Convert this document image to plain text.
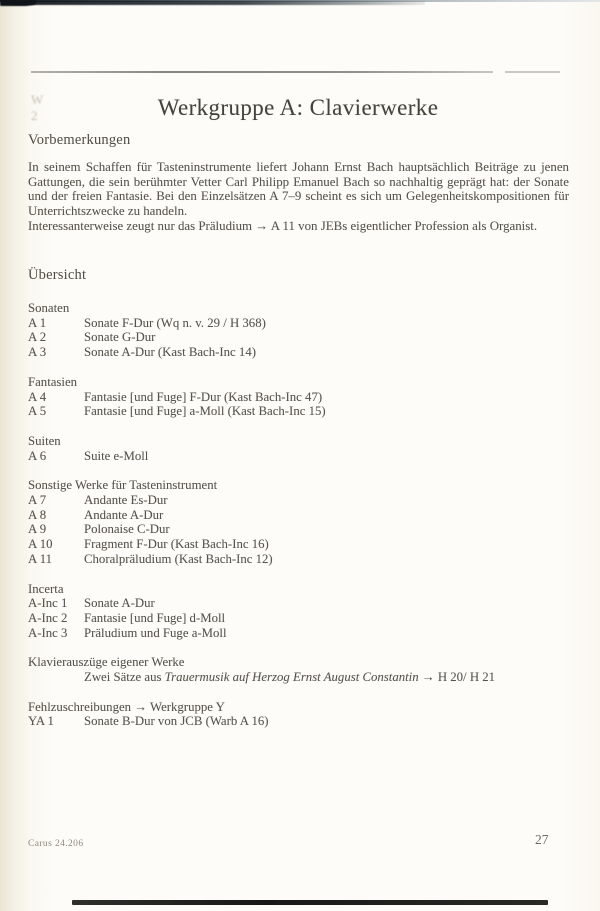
W
2	Werkgruppe A: Clavierwerke
Vorbemerkungen
In seinem Schaffen für Tasteninstrumente liefert Johann Ernst Bach hauptsächlich Beiträge zu jenen Gattungen, die sein berühmter Vetter Carl Philipp Emanuel Bach so nachhaltig geprägt hat: der Sonate und der freien Fantasie. Bei den Einzelsätzen A 7–9 scheint es sich um Gelegenheitskompositionen für Unterrichtszwecke zu handeln.
Interessanterweise zeugt nur das Präludium → A 11 von JEBs eigentlicher Profession als Organist.
Übersicht
Sonaten
A 1	Sonate F-Dur (Wq n. v. 29 / H 368)
A 2	Sonate G-Dur
A 3	Sonate A-Dur (Kast Bach-Inc 14)
Fantasien
A 4	Fantasie [und Fuge] F-Dur (Kast Bach-Inc 47)
A 5	Fantasie [und Fuge] a-Moll (Kast Bach-Inc 15)
Suiten
A 6	Suite e-Moll
Sonstige Werke für Tasteninstrument
A 7	Andante Es-Dur
A 8	Andante A-Dur
A 9	Polonaise C-Dur
A 10	Fragment F-Dur (Kast Bach-Inc 16)
A 11	Choralpräludium (Kast Bach-Inc 12)
Incerta
A-Inc 1	Sonate A-Dur
A-Inc 2	Fantasie [und Fuge] d-Moll
A-Inc 3	Präludium und Fuge a-Moll
Klavierauszüge eigener Werke
Zwei Sätze aus Trauermusik auf Herzog Ernst August Constantin → H 20/ H 21
Fehlzuschreibungen → Werkgruppe Y
YA 1	Sonate B-Dur von JCB (Warb A 16)
Carus 24.206	27
